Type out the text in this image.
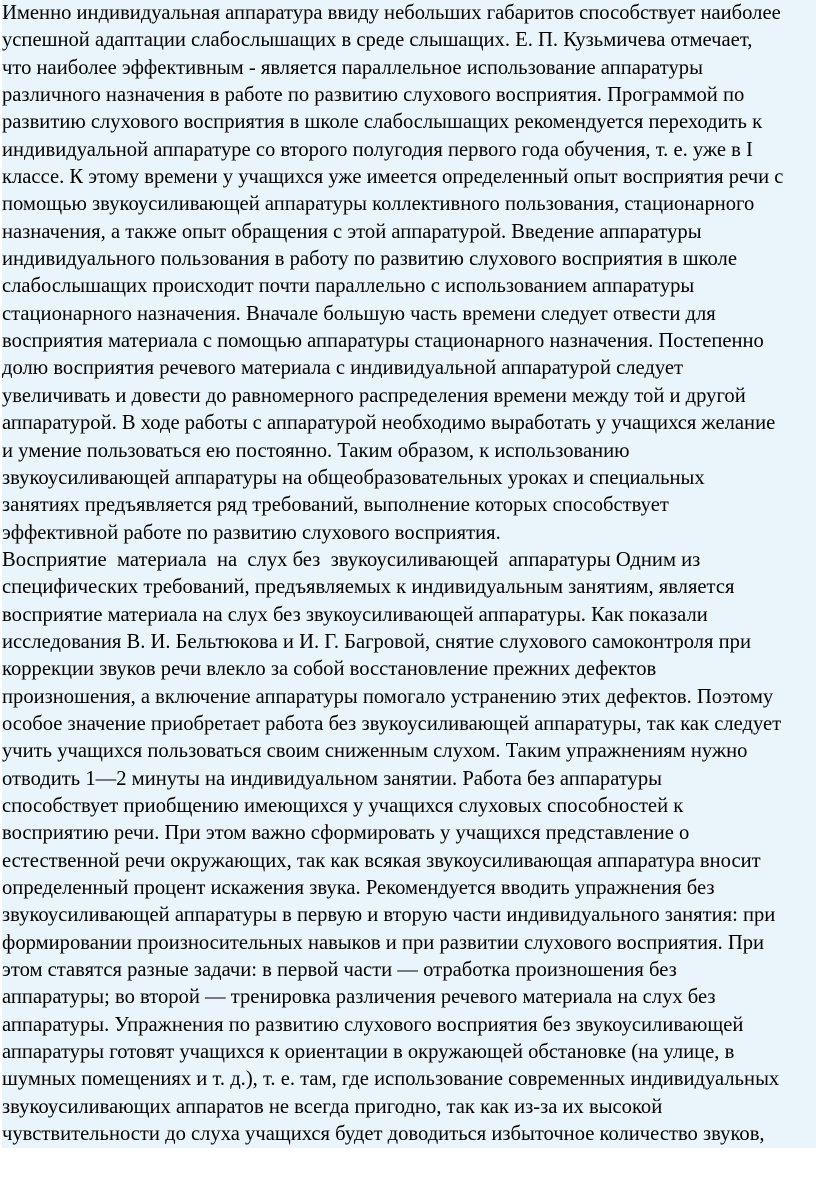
Именно индивидуальная аппаратура ввиду небольших габаритов способствует наиболее
успешной адаптации слабослышащих в среде слышащих. Е. П. Кузьмичева отмечает,
что наиболее эффективным - является параллельное использование аппаратуры
различного назначения в работе по развитию слухового восприятия. Программой по
развитию слухового восприятия в школе слабослышащих рекомендуется переходить к
индивидуальной аппаратуре со второго полугодия первого года обучения, т. е. уже в I
классе. К этому времени у учащихся уже имеется определенный опыт восприятия речи с
помощью звукоусиливающей аппаратуры коллективного пользования, стационарного
назначения, а также опыт обращения с этой аппаратурой. Введение аппаратуры
индивидуального пользования в работу по развитию слухового восприятия в школе
слабослышащих происходит почти параллельно с использованием аппаратуры
стационарного назначения. Вначале большую часть времени следует отвести для
восприятия материала с помощью аппаратуры стационарного назначения. Постепенно
долю восприятия речевого материала с индивидуальной аппаратурой следует
увеличивать и довести до равномерного распределения времени между той и другой
аппаратурой. В ходе работы с аппаратурой необходимо выработать у учащихся желание
и умение пользоваться ею постоянно. Таким образом, к использованию
звукоусиливающей аппаратуры на общеобразовательных уроках и специальных
занятиях предъявляется ряд требований, выполнение которых способствует
эффективной работе по развитию слухового восприятия.
Восприятие  материала  на  слух без  звукоусиливающей  аппаратуры Одним из
специфических требований, предъявляемых к индивидуальным занятиям, является
восприятие материала на слух без звукоусиливающей аппаратуры. Как показали
исследования В. И. Бельтюкова и И. Г. Багровой, снятие слухового самоконтроля при
коррекции звуков речи влекло за собой восстановление прежних дефектов
произношения, а включение аппаратуры помогало устранению этих дефектов. Поэтому
особое значение приобретает работа без звукоусиливающей аппаратуры, так как следует
учить учащихся пользоваться своим сниженным слухом. Таким упражнениям нужно
отводить 1—2 минуты на индивидуальном занятии. Работа без аппаратуры
способствует приобщению имеющихся у учащихся слуховых способностей к
восприятию речи. При этом важно сформировать у учащихся представление о
естественной речи окружающих, так как всякая звукоусиливающая аппаратура вносит
определенный процент искажения звука. Рекомендуется вводить упражнения без
звукоусиливающей аппаратуры в первую и вторую части индивидуального занятия: при
формировании произносительных навыков и при развитии слухового восприятия. При
этом ставятся разные задачи: в первой части — отработка произношения без
аппаратуры; во второй — тренировка различения речевого материала на слух без
аппаратуры. Упражнения по развитию слухового восприятия без звукоусиливающей
аппаратуры готовят учащихся к ориентации в окружающей обстановке (на улице, в
шумных помещениях и т. д.), т. е. там, где использование современных индивидуальных
звукоусиливающих аппаратов не всегда пригодно, так как из-за их высокой
чувствительности до слуха учащихся будет доводиться избыточное количество звуков,
